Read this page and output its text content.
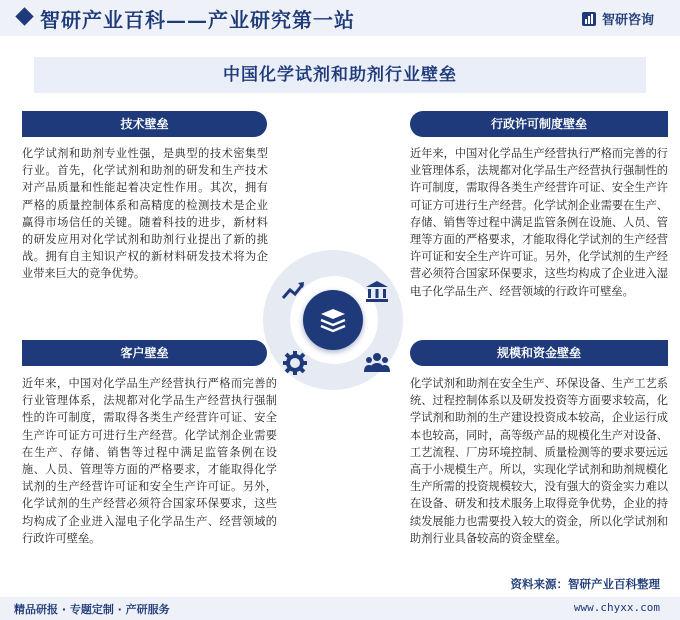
智研产业百科——产业研究第一站	智研咨询
中国化学试剂和助剂行业壁垒
技术壁垒
化学试剂和助剂专业性强，是典型的技术密集型行业。首先，化学试剂和助剂的研发和生产技术对产品质量和性能起着决定性作用。其次，拥有严格的质量控制体系和高精度的检测技术是企业赢得市场信任的关键。随着科技的进步，新材料的研发应用对化学试剂和助剂行业提出了新的挑战。拥有自主知识产权的新材料研发技术将为企业带来巨大的竞争优势。
行政许可制度壁垒
近年来，中国对化学品生产经营执行严格而完善的行业管理体系，法规都对化学品生产经营执行强制性的许可制度，需取得各类生产经营许可证、安全生产许可证方可进行生产经营。化学试剂企业需要在生产、存储、销售等过程中满足监管条例在设施、人员、管理等方面的严格要求，才能取得化学试剂的生产经营许可证和安全生产许可证。另外，化学试剂的生产经营必须符合国家环保要求，这些均构成了企业进入湿电子化学品生产、经营领域的行政许可壁垒。
客户壁垒
近年来，中国对化学品生产经营执行严格而完善的行业管理体系，法规都对化学品生产经营执行强制性的许可制度，需取得各类生产经营许可证、安全生产许可证方可进行生产经营。化学试剂企业需要在生产、存储、销售等过程中满足监管条例在设施、人员、管理等方面的严格要求，才能取得化学试剂的生产经营许可证和安全生产许可证。另外，化学试剂的生产经营必须符合国家环保要求，这些均构成了企业进入湿电子化学品生产、经营领域的行政许可壁垒。
规模和资金壁垒
化学试剂和助剂在安全生产、环保设备、生产工艺系统、过程控制体系以及研发投资等方面要求较高，化学试剂和助剂的生产建设投资成本较高，企业运行成本也较高，同时，高等级产品的规模化生产对设备、工艺流程、厂房环境控制、质量检测等的要求要远远高于小规模生产。所以，实现化学试剂和助剂规模化生产所需的投资规模较大，没有强大的资金实力难以在设备、研发和技术服务上取得竞争优势，企业的持续发展能力也需要投入较大的资金，所以化学试剂和助剂行业具备较高的资金壁垒。
资料来源：智研产业百科整理
精品研报 · 专题定制 · 产研服务	www.chyxx.com
